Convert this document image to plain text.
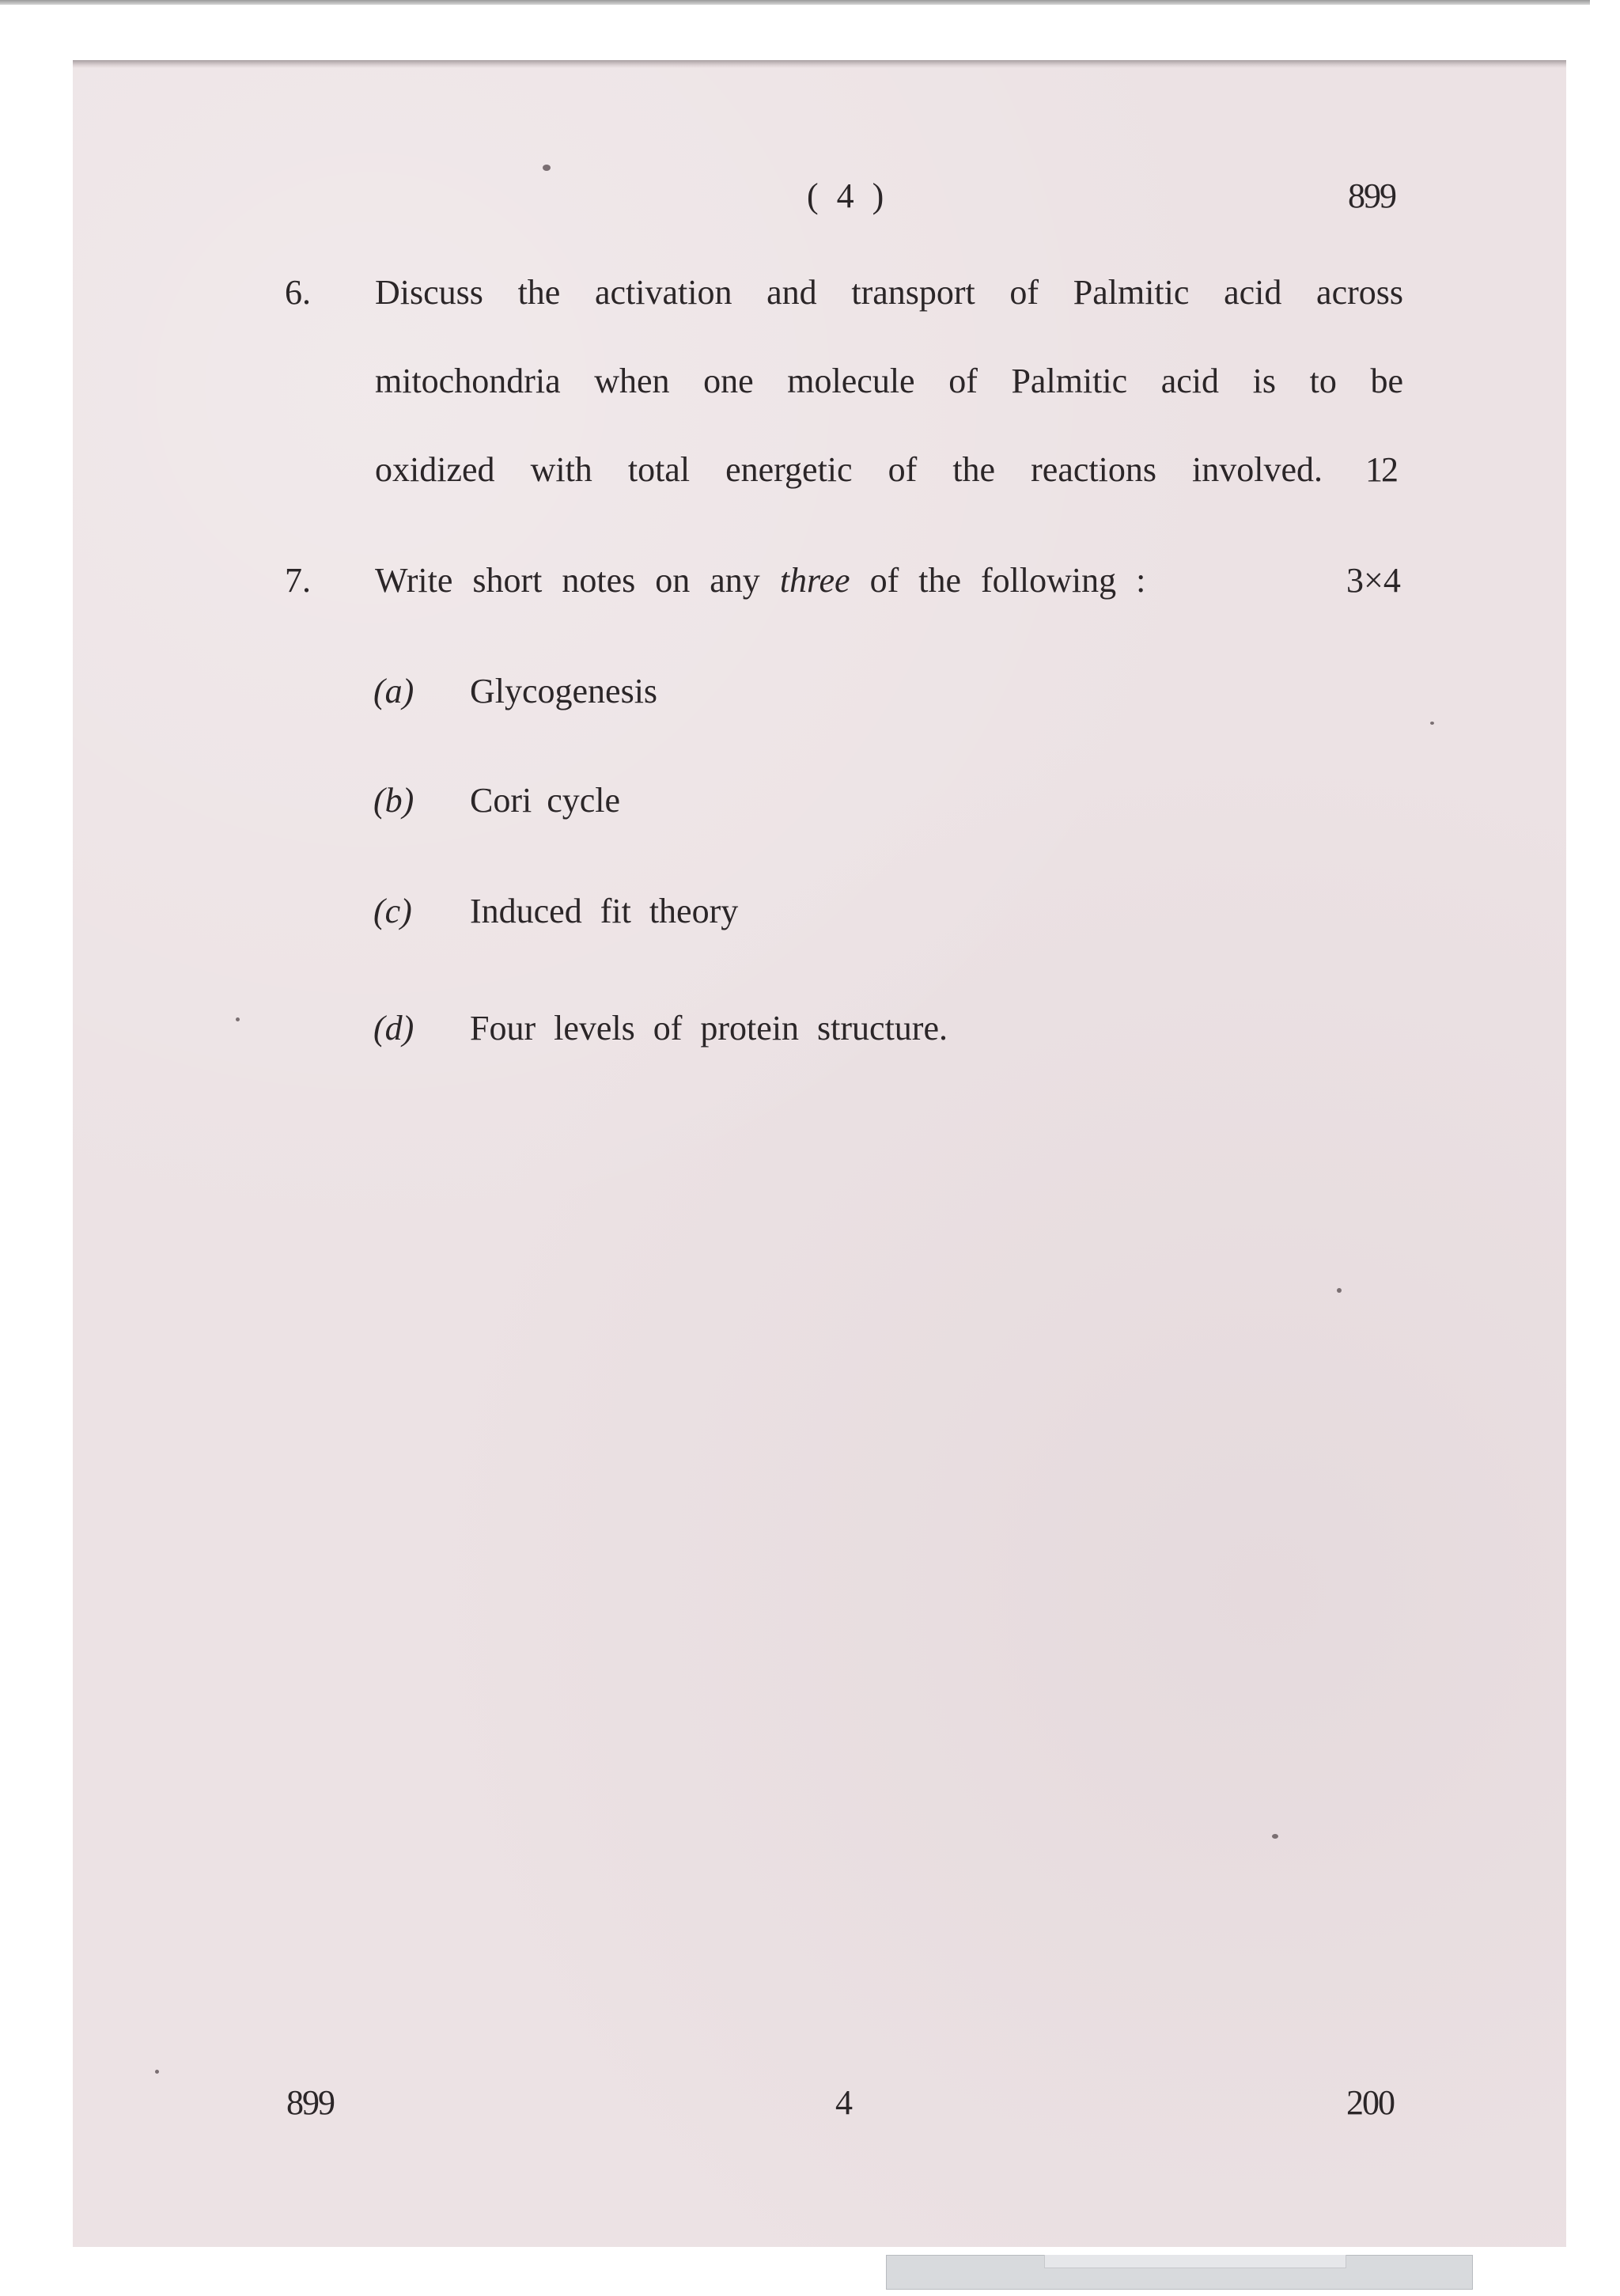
( 4 )	899
6. Discuss the activation and transport of Palmitic acid across
mitochondria when one molecule of Palmitic acid is to be
oxidized with total energetic of the reactions involved. 12
7. Write short notes on any three of the following :	3×4
(a) Glycogenesis
(b) Cori cycle
(c) Induced fit theory
(d) Four levels of protein structure.
899	4	200
